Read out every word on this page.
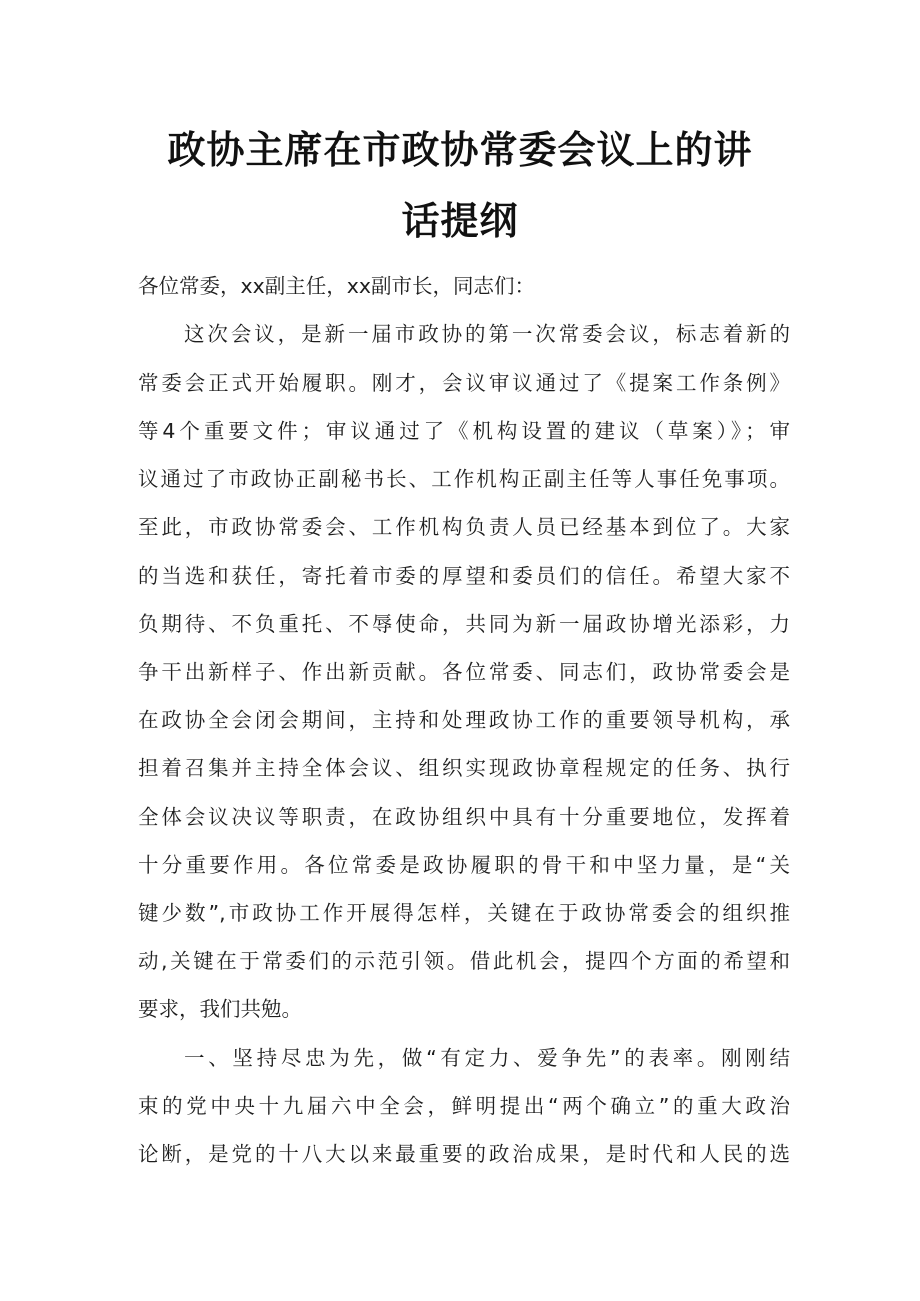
政协主席在市政协常委会议上的讲
话提纲

各位常委，xx副主任，xx副市长，同志们：

这次会议，是新一届市政协的第一次常委会议，标志着新的

常委会正式开始履职。刚才，会议审议通过了《提案工作条例》

等4个重要文件；审议通过了《机构设置的建议（草案）》；审

议通过了市政协正副秘书长、工作机构正副主任等人事任免事项。

至此，市政协常委会、工作机构负责人员已经基本到位了。大家

的当选和获任，寄托着市委的厚望和委员们的信任。希望大家不

负期待、不负重托、不辱使命，共同为新一届政协增光添彩，力

争干出新样子、作出新贡献。各位常委、同志们，政协常委会是

在政协全会闭会期间，主持和处理政协工作的重要领导机构，承

担着召集并主持全体会议、组织实现政协章程规定的任务、执行

全体会议决议等职责，在政协组织中具有十分重要地位，发挥着

十分重要作用。各位常委是政协履职的骨干和中坚力量，是“关

键少数”,市政协工作开展得怎样，关键在于政协常委会的组织推

动,关键在于常委们的示范引领。借此机会，提四个方面的希望和

要求，我们共勉。

一、坚持尽忠为先，做“有定力、爱争先”的表率。刚刚结

束的党中央十九届六中全会，鲜明提出“两个确立”的重大政治

论断，是党的十八大以来最重要的政治成果，是时代和人民的选
